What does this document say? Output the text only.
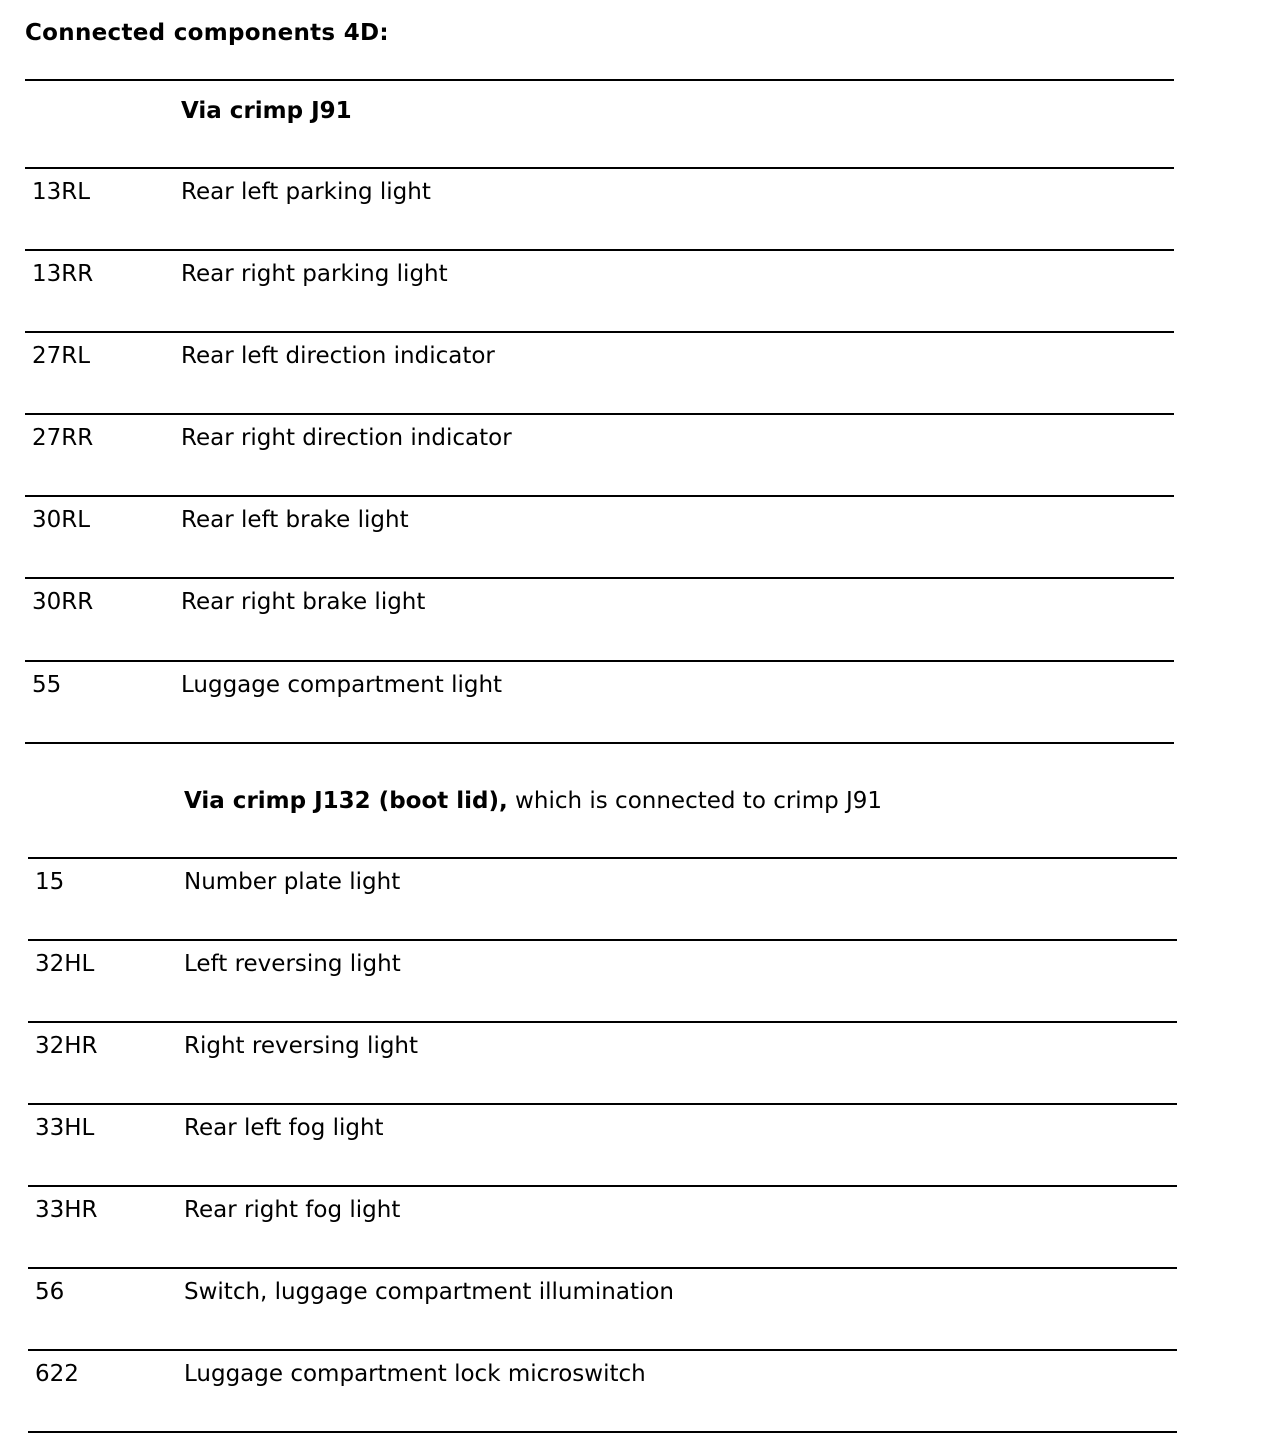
Connected components 4D:
Via crimp J91
13RL	Rear left parking light
13RR	Rear right parking light
27RL	Rear left direction indicator
27RR	Rear right direction indicator
30RL	Rear left brake light
30RR	Rear right brake light
55	Luggage compartment light
Via crimp J132 (boot lid), which is connected to crimp J91
15	Number plate light
32HL	Left reversing light
32HR	Right reversing light
33HL	Rear left fog light
33HR	Rear right fog light
56	Switch, luggage compartment illumination
622	Luggage compartment lock microswitch
